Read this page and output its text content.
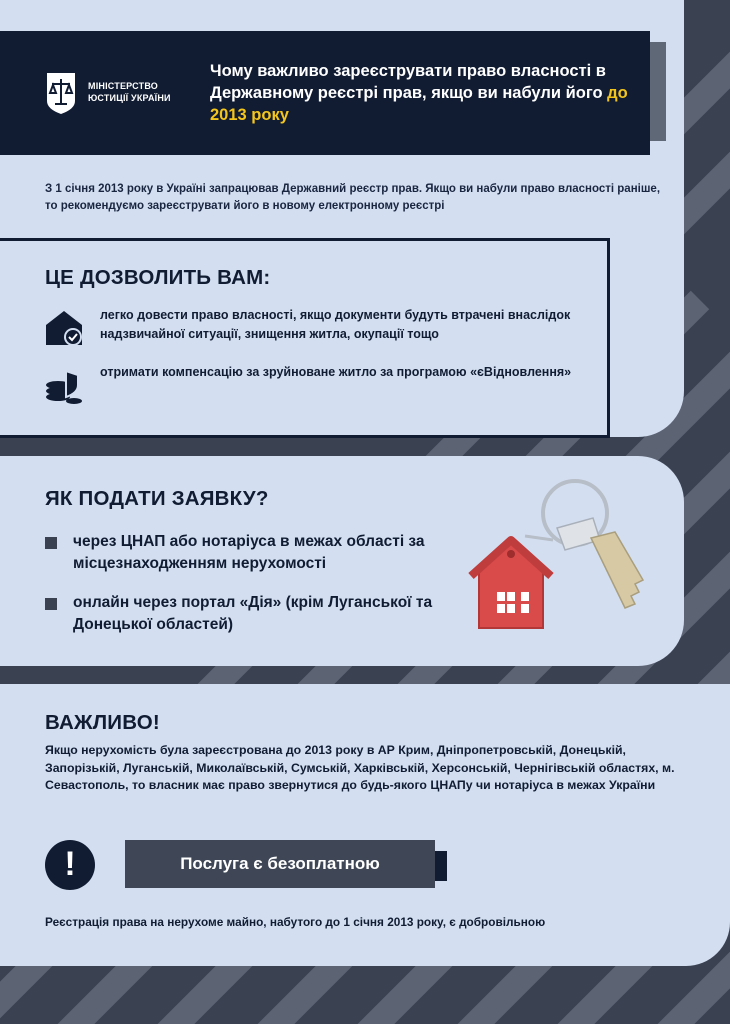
МІНІСТЕРСТВО ЮСТИЦІЇ УКРАЇНИ
Чому важливо зареєструвати право власності в Державному реєстрі прав, якщо ви набули його до 2013 року
З 1 січня 2013 року в Україні запрацював Державний реєстр прав. Якщо ви набули право власності раніше, то рекомендуємо зареєструвати його в новому електронному реєстрі
ЦЕ ДОЗВОЛИТЬ ВАМ:
легко довести право власності, якщо документи будуть втрачені внаслідок надзвичайної ситуації, знищення житла, окупації тощо
отримати компенсацію за зруйноване житло за програмою «єВідновлення»
ЯК ПОДАТИ ЗАЯВКУ?
через ЦНАП або нотаріуса в межах області за місцезнаходженням нерухомості
онлайн через портал «Дія» (крім Луганської та Донецької областей)
ВАЖЛИВО!
Якщо нерухомість була зареєстрована до 2013 року в АР Крим, Дніпропетровській, Донецькій, Запорізькій, Луганській, Миколаївській, Сумській, Харківській, Херсонській, Чернігівській областях, м. Севастополь, то власник має право звернутися до будь-якого ЦНАПу чи нотаріуса в межах України
!	Послуга є безоплатною
Реєстрація права на нерухоме майно, набутого до 1 січня 2013 року, є добровільною
